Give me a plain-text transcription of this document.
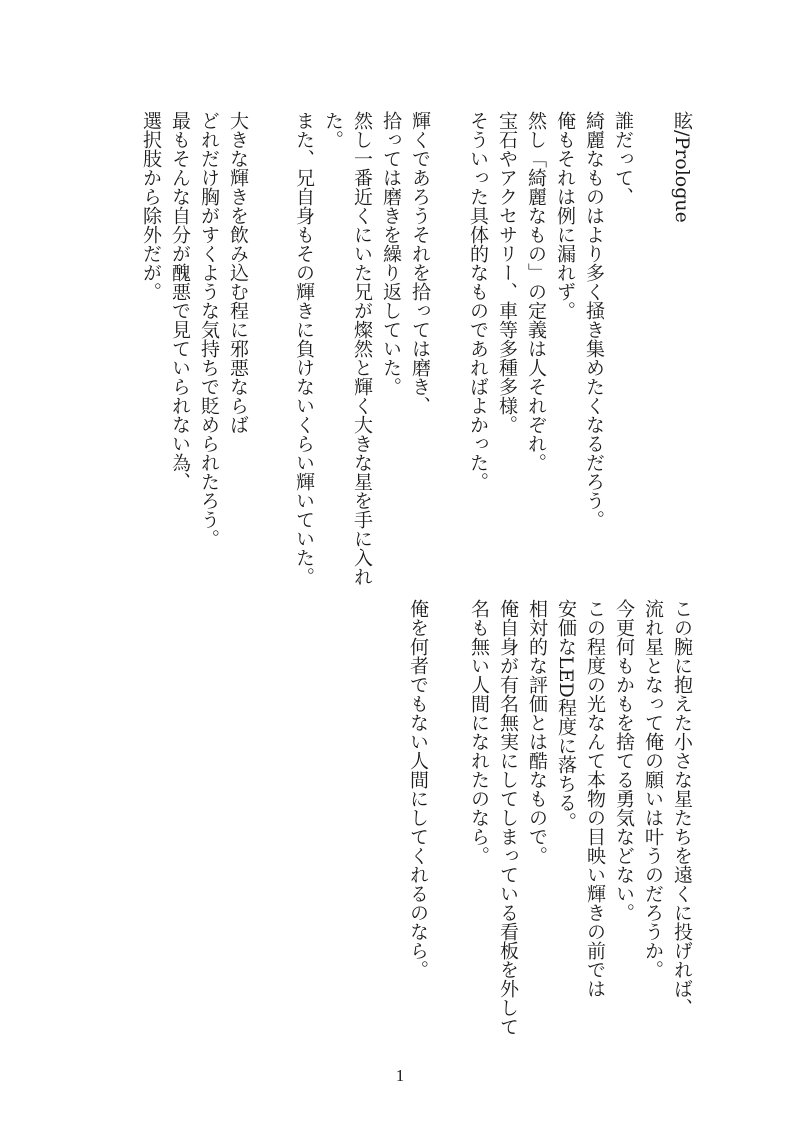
眩/Prologue
誰だって、
綺麗なものはより多く掻き集めたくなるだろう。
俺もそれは例に漏れず。
然し「綺麗なもの」の定義は人それぞれ。
宝石やアクセサリー、車等多種多様。
そういった具体的なものであればよかった。
輝くであろうそれを拾っては磨き、
拾っては磨きを繰り返していた。
然し一番近くにいた兄が燦然と輝く大きな星を手に入れ
た。
また、兄自身もその輝きに負けないくらい輝いていた。
大きな輝きを飲み込む程に邪悪ならば
どれだけ胸がすくような気持ちで貶められたろう。
最もそんな自分が醜悪で見ていられない為、
選択肢から除外だが。
この腕に抱えた小さな星たちを遠くに投げれば、
流れ星となって俺の願いは叶うのだろうか。
今更何もかもを捨てる勇気などない。
この程度の光なんて本物の目映い輝きの前では
安価なLED程度に落ちる。
相対的な評価とは酷なもので。
俺自身が有名無実にしてしまっている看板を外して
名も無い人間になれたのなら。
俺を何者でもない人間にしてくれるのなら。
1
